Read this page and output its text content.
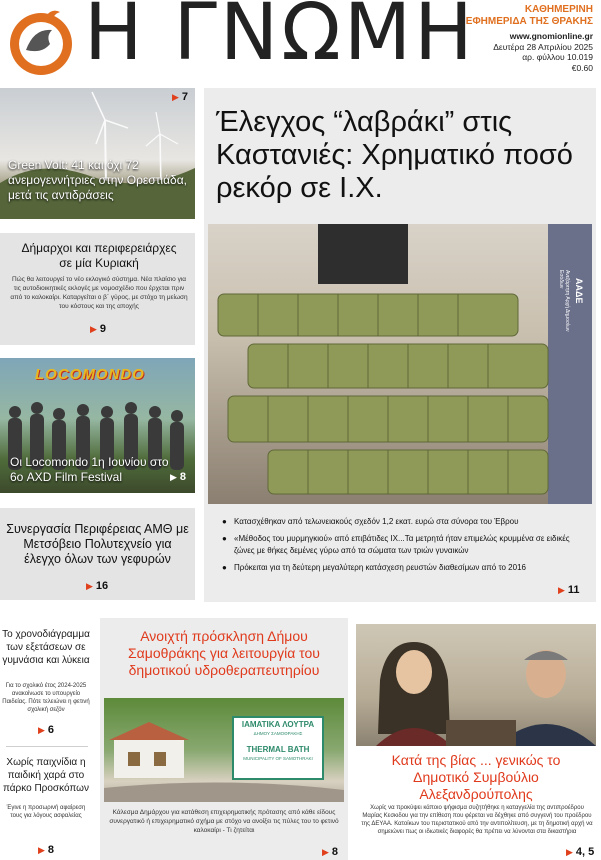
Η ΓΝΩΜΗ	ΚΑΘΗΜΕΡΙΝΗ
ΕΦΗΜΕΡΙΔΑ ΤΗΣ ΘΡΑΚΗΣ
www.gnomionline.gr
Δευτέρα 28 Απριλίου 2025
αρ. φύλλου 10.019
€0.60
Green Volt: 41 και όχι 72 ανεμογεννήτριες στην Ορεστιάδα, μετά τις αντιδράσεις
▶ 7
Δήμαρχοι και περιφερειάρχες σε μία Κυριακή
Πώς θα λειτουργεί το νέο εκλογικό σύστημα. Νέα πλαίσιο για τις αυτοδιοικητικές εκλογές με νομοσχέδιο που έρχεται πριν από το καλοκαίρι. Καταργείται ο β΄ γύρος, με στόχο τη μείωση του κόστους και της αποχής
▶ 9
LOCOMONDO
Οι Locomondo 1η Ιουνίου στο 6ο AXD Film Festival	▶ 8
Συνεργασία Περιφέρειας ΑΜΘ με Μετσόβειο Πολυτεχνείο για έλεγχο όλων των γεφυρών
▶ 16
Έλεγχος “λαβράκι” στις Καστανιές: Χρηματικό ποσό ρεκόρ σε Ι.Χ.
ΑΑΔΕ
Ανεξάρτητη Αρχή Δημοσίων Εσόδων
● Κατασχέθηκαν από τελωνειακούς σχεδόν 1,2 εκατ. ευρώ στα σύνορα του Έβρου
● «Μέθοδος του μυρμηγκιού» από επιβάτιδες ΙΧ...Τα μετρητά ήταν επιμελώς κρυμμένα σε ειδικές ζώνες με θήκες δεμένες γύρω από τα σώματα των τριών γυναικών
● Πρόκειται για τη δεύτερη μεγαλύτερη κατάσχεση ρευστών διαθεσίμων από το 2016
▶ 11
Το χρονοδιάγραμμα των εξετάσεων σε γυμνάσια και λύκεια
Για το σχολικό έτος 2024-2025 ανακοίνωσε το υπουργείο Παιδείας. Πότε τελειώνει η φετινή σχολική σεζόν
▶ 6
Χωρίς παιχνίδια η παιδική χαρά στο πάρκο Προσκόπων
Έγινε η προσωρινή αφαίρεση τους για λόγους ασφαλείας
▶ 8
Ανοιχτή πρόσκληση Δήμου Σαμοθράκης για λειτουργία του δημοτικού υδροθεραπευτηρίου
ΙΑΜΑΤΙΚΑ ΛΟΥΤΡΑ
ΔΗΜΟΥ ΣΑΜΟΘΡΑΚΗΣ
THERMAL BATH
MUNICIPALITY OF SAMOTHRAKI
Κάλεσμα Δημάρχου για κατάθεση επιχειρηματικής πρότασης από κάθε είδους συνεργατικό ή επιχειρηματικό σχήμα με στόχο να ανοίξει τις πύλες του το φετινό καλοκαίρι - Τι ζητείται
▶ 8
Κατά της βίας ... γενικώς το Δημοτικό Συμβούλιο Αλεξανδρούπολης
Χωρίς να προκύψει κάποιο ψήφισμα συζητήθηκε η καταγγελία της αντιπροέδρου Μαρίας Κεσκιδου για την επίθεση που φέρεται να δέχθηκε από συγγενή του προέδρου της ΔΕΥΑΑ. Κατοίκων του περιστατικού από την αντιπολίτευση, με τη δημοτική αρχή να σημειώνει πως οι ιδιωτικές διαφορές θα πρέπει να λύνονται στα δικαστήρια
▶ 4, 5
